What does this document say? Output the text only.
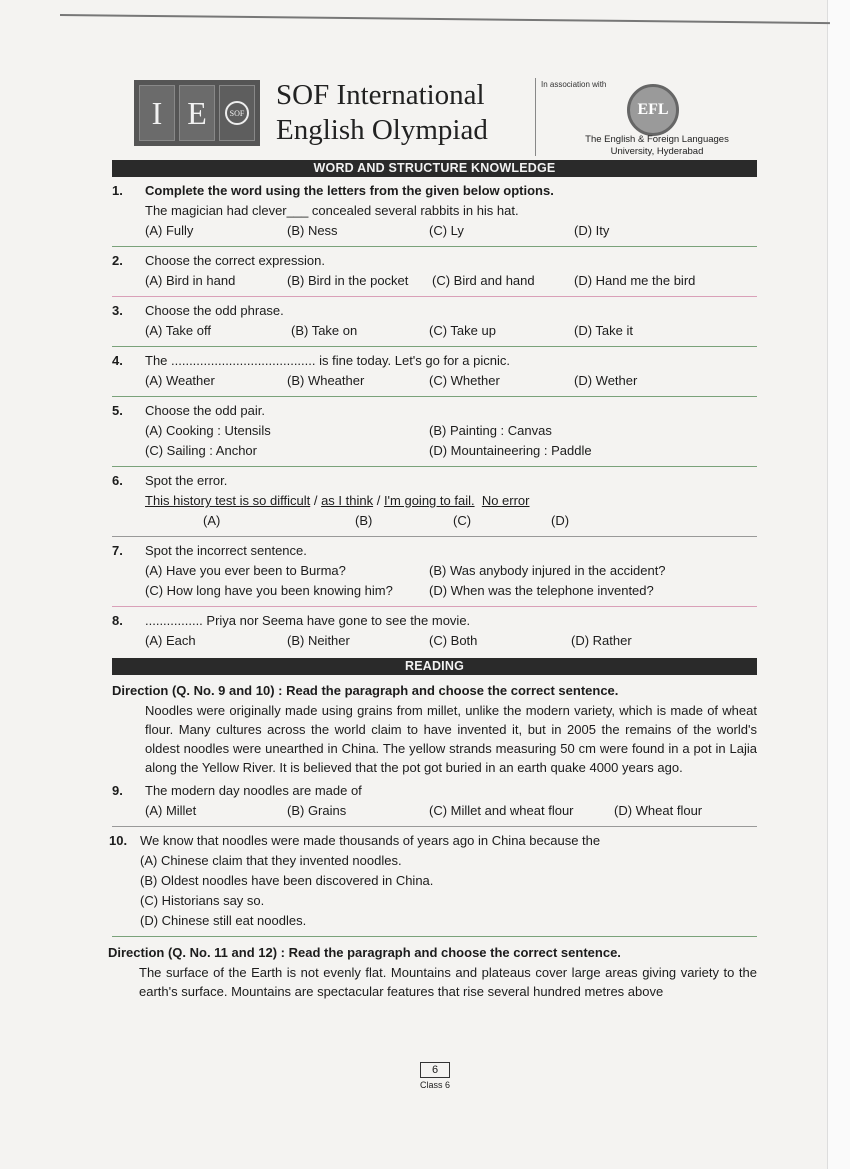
I E	SOF
SOF International
English Olympiad
In association with
EFL
The English & Foreign Languages
University, Hyderabad
WORD AND STRUCTURE KNOWLEDGE
1.	Complete the word using the letters from the given below options.
The magician had clever___ concealed several rabbits in his hat.
(A) Fully	(B) Ness	(C) Ly	(D) Ity
2.	Choose the correct expression.
(A) Bird in hand	(B) Bird in the pocket	(C) Bird and hand	(D) Hand me the bird
3.	Choose the odd phrase.
(A) Take off	(B) Take on	(C) Take up	(D) Take it
4.	The ........................................ is fine today. Let's go for a picnic.
(A) Weather	(B) Wheather	(C) Whether	(D) Wether
5.	Choose the odd pair.
(A) Cooking : Utensils	(B) Painting : Canvas
(C) Sailing : Anchor	(D) Mountaineering : Paddle
6.	Spot the error.
This history test is so difficult / as I think / I'm going to fail.
No error
(A)	(B)	(C)	(D)
7.	Spot the incorrect sentence.
(A) Have you ever been to Burma?	(B) Was anybody injured in the accident?
(C) How long have you been knowing him?	(D) When was the telephone invented?
8.	................ Priya nor Seema have gone to see the movie.
(A) Each	(B) Neither	(C) Both	(D) Rather
READING
Direction (Q. No. 9 and 10) : Read the paragraph and choose the correct sentence.
Noodles were originally made using grains from millet, unlike the modern variety, which is made of wheat flour. Many cultures across the world claim to have invented it, but in 2005 the remains of the world's oldest noodles were unearthed in China. The yellow strands measuring 50 cm were found in a pot in Lajia along the Yellow River. It is believed that the pot got buried in an earth quake 4000 years ago.
9.	The modern day noodles are made of
(A) Millet	(B) Grains	(C) Millet and wheat flour	(D) Wheat flour
10. We know that noodles were made thousands of years ago in China because the
(A) Chinese claim that they invented noodles.
(B) Oldest noodles have been discovered in China.
(C) Historians say so.
(D) Chinese still eat noodles.
Direction (Q. No. 11 and 12) : Read the paragraph and choose the correct sentence.
The surface of the Earth is not evenly flat. Mountains and plateaus cover large areas giving variety to the earth's surface. Mountains are spectacular features that rise several hundred metres above
6
Class 6
